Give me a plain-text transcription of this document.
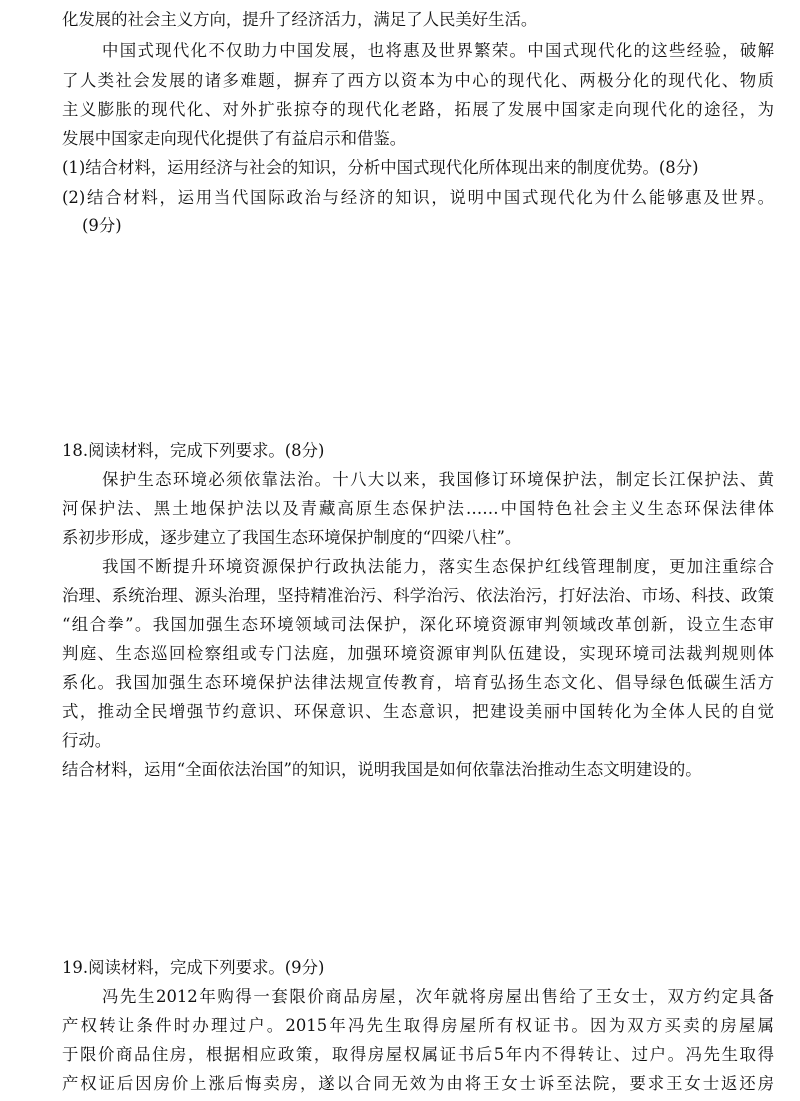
化发展的社会主义方向，提升了经济活力，满足了人民美好生活。
中国式现代化不仅助力中国发展，也将惠及世界繁荣。中国式现代化的这些经验，破解
了人类社会发展的诸多难题，摒弃了西方以资本为中心的现代化、两极分化的现代化、物质
主义膨胀的现代化、对外扩张掠夺的现代化老路，拓展了发展中国家走向现代化的途径，为
发展中国家走向现代化提供了有益启示和借鉴。
(1)结合材料，运用经济与社会的知识，分析中国式现代化所体现出来的制度优势。(8分)
(2)结合材料，运用当代国际政治与经济的知识，说明中国式现代化为什么能够惠及世界。
(9分)
18.阅读材料，完成下列要求。(8分)
保护生态环境必须依靠法治。十八大以来，我国修订环境保护法，制定长江保护法、黄
河保护法、黑土地保护法以及青藏高原生态保护法……中国特色社会主义生态环保法律体
系初步形成，逐步建立了我国生态环境保护制度的“四梁八柱”。
我国不断提升环境资源保护行政执法能力，落实生态保护红线管理制度，更加注重综合
治理、系统治理、源头治理，坚持精准治污、科学治污、依法治污，打好法治、市场、科技、政策
“组合拳”。我国加强生态环境领域司法保护，深化环境资源审判领域改革创新，设立生态审
判庭、生态巡回检察组或专门法庭，加强环境资源审判队伍建设，实现环境司法裁判规则体
系化。我国加强生态环境保护法律法规宣传教育，培育弘扬生态文化、倡导绿色低碳生活方
式，推动全民增强节约意识、环保意识、生态意识，把建设美丽中国转化为全体人民的自觉
行动。
结合材料，运用“全面依法治国”的知识，说明我国是如何依靠法治推动生态文明建设的。
19.阅读材料，完成下列要求。(9分)
冯先生2012年购得一套限价商品房屋，次年就将房屋出售给了王女士，双方约定具备
产权转让条件时办理过户。2015年冯先生取得房屋所有权证书。因为双方买卖的房屋属
于限价商品住房，根据相应政策，取得房屋权属证书后5年内不得转让、过户。冯先生取得
产权证后因房价上涨后悔卖房，遂以合同无效为由将王女士诉至法院，要求王女士返还房
